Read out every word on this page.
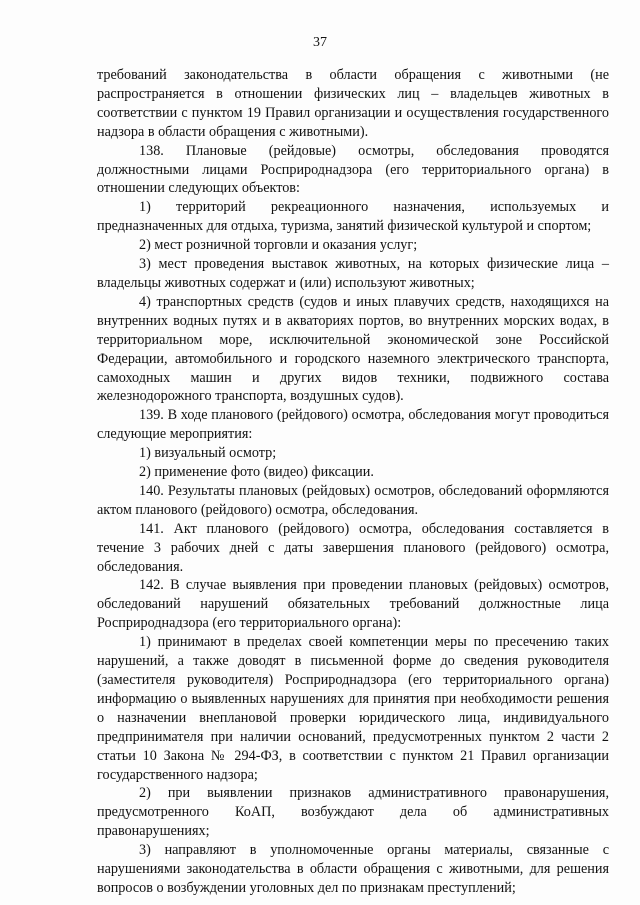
37

требований законодательства в области обращения с животными (не распространяется в отношении физических лиц – владельцев животных в соответствии с пунктом 19 Правил организации и осуществления государственного надзора в области обращения с животными).

138. Плановые (рейдовые) осмотры, обследования проводятся должностными лицами Росприроднадзора (его территориального органа) в отношении следующих объектов:

1) территорий рекреационного назначения, используемых и предназначенных для отдыха, туризма, занятий физической культурой и спортом;

2) мест розничной торговли и оказания услуг;

3) мест проведения выставок животных, на которых физические лица – владельцы животных содержат и (или) используют животных;

4) транспортных средств (судов и иных плавучих средств, находящихся на внутренних водных путях и в акваториях портов, во внутренних морских водах, в территориальном море, исключительной экономической зоне Российской Федерации, автомобильного и городского наземного электрического транспорта, самоходных машин и других видов техники, подвижного состава железнодорожного транспорта, воздушных судов).

139. В ходе планового (рейдового) осмотра, обследования могут проводиться следующие мероприятия:

1) визуальный осмотр;

2) применение фото (видео) фиксации.

140. Результаты плановых (рейдовых) осмотров, обследований оформляются актом планового (рейдового) осмотра, обследования.

141. Акт планового (рейдового) осмотра, обследования составляется в течение 3 рабочих дней с даты завершения планового (рейдового) осмотра, обследования.

142. В случае выявления при проведении плановых (рейдовых) осмотров, обследований нарушений обязательных требований должностные лица Росприроднадзора (его территориального органа):

1) принимают в пределах своей компетенции меры по пресечению таких нарушений, а также доводят в письменной форме до сведения руководителя (заместителя руководителя) Росприроднадзора (его территориального органа) информацию о выявленных нарушениях для принятия при необходимости решения о назначении внеплановой проверки юридического лица, индивидуального предпринимателя при наличии оснований, предусмотренных пунктом 2 части 2 статьи 10 Закона № 294-ФЗ, в соответствии с пунктом 21 Правил организации государственного надзора;

2) при выявлении признаков административного правонарушения, предусмотренного КоАП, возбуждают дела об административных правонарушениях;

3) направляют в уполномоченные органы материалы, связанные с нарушениями законодательства в области обращения с животными, для решения вопросов о возбуждении уголовных дел по признакам преступлений;
